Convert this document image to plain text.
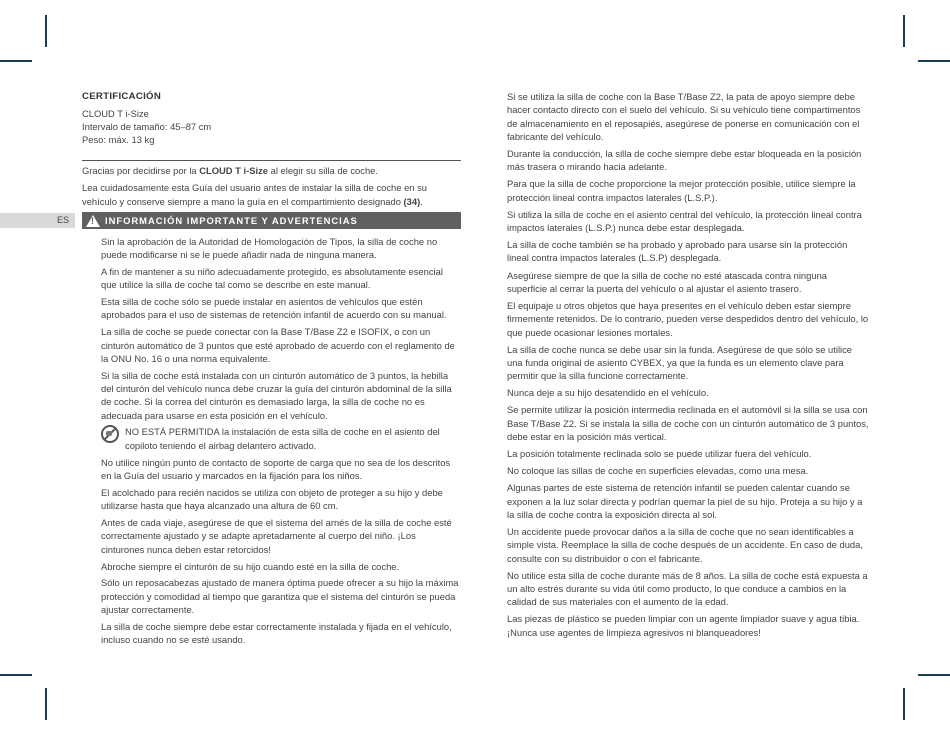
CERTIFICACIÓN
CLOUD T i-Size
Intervalo de tamaño: 45–87 cm
Peso: máx. 13 kg

Gracias por decidirse por la CLOUD T i-Size al elegir su silla de coche.

Lea cuidadosamente esta Guía del usuario antes de instalar la silla de coche en su vehículo y conserve siempre a mano la guía en el compartimiento designado (34).

ES
!	INFORMACIÓN IMPORTANTE Y ADVERTENCIAS

Sin la aprobación de la Autoridad de Homologación de Tipos, la silla de coche no puede modificarse ni se le puede añadir nada de ninguna manera.

A fin de mantener a su niño adecuadamente protegido, es absolutamente esencial que utilice la silla de coche tal como se describe en este manual.

Esta silla de coche sólo se puede instalar en asientos de vehículos que estén aprobados para el uso de sistemas de retención infantil de acuerdo con su manual.

La silla de coche se puede conectar con la Base T/Base Z2 e ISOFIX, o con un cinturón automático de 3 puntos que esté aprobado de acuerdo con el reglamento de la ONU No. 16 o una norma equivalente.

Si la silla de coche está instalada con un cinturón automático de 3 puntos, la hebilla del cinturón del vehículo nunca debe cruzar la guía del cinturón abdominal de la silla de coche. Si la correa del cinturón es demasiado larga, la silla de coche no es adecuada para usarse en esta posición en el vehículo.

NO ESTÁ PERMITIDA la instalación de esta silla de coche en el asiento del copiloto teniendo el airbag delantero activado.

No utilice ningún punto de contacto de soporte de carga que no sea de los descritos en la Guía del usuario y marcados en la fijación para los niños.

El acolchado para recién nacidos se utiliza con objeto de proteger a su hijo y debe utilizarse hasta que haya alcanzado una altura de 60 cm.

Antes de cada viaje, asegúrese de que el sistema del arnés de la silla de coche esté correctamente ajustado y se adapte apretadamente al cuerpo del niño. ¡Los cinturones nunca deben estar retorcidos!

Abroche siempre el cinturón de su hijo cuando esté en la silla de coche.

Sólo un reposacabezas ajustado de manera óptima puede ofrecer a su hijo la máxima protección y comodidad al tiempo que garantiza que el sistema del cinturón se pueda ajustar correctamente.

La silla de coche siempre debe estar correctamente instalada y fijada en el vehículo, incluso cuando no se esté usando.

Si se utiliza la silla de coche con la Base T/Base Z2, la pata de apoyo siempre debe hacer contacto directo con el suelo del vehículo. Si su vehículo tiene compartimentos de almacenamiento en el reposapiés, asegúrese de ponerse en comunicación con el fabricante del vehículo.

Durante la conducción, la silla de coche siempre debe estar bloqueada en la posición más trasera o mirando hacia adelante.

Para que la silla de coche proporcione la mejor protección posible, utilice siempre la protección lineal contra impactos laterales (L.S.P.).

Si utiliza la silla de coche en el asiento central del vehículo, la protección lineal contra impactos laterales (L.S.P.) nunca debe estar desplegada.

La silla de coche también se ha probado y aprobado para usarse sin la protección lineal contra impactos laterales (L.S.P) desplegada.

Asegúrese siempre de que la silla de coche no esté atascada contra ninguna superficie al cerrar la puerta del vehículo o al ajustar el asiento trasero.

El equipaje u otros objetos que haya presentes en el vehículo deben estar siempre firmemente retenidos. De lo contrario, pueden verse despedidos dentro del vehículo, lo que puede ocasionar lesiones mortales.

La silla de coche nunca se debe usar sin la funda. Asegúrese de que sólo se utilice una funda original de asiento CYBEX, ya que la funda es un elemento clave para permitir que la silla funcione correctamente.

Nunca deje a su hijo desatendido en el vehículo.

Se permite utilizar la posición intermedia reclinada en el automóvil si la silla se usa con Base T/Base Z2. Si se instala la silla de coche con un cinturón automático de 3 puntos, debe estar en la posición más vertical.

La posición totalmente reclinada solo se puede utilizar fuera del vehículo.

No coloque las sillas de coche en superficies elevadas, como una mesa.

Algunas partes de este sistema de retención infantil se pueden calentar cuando se exponen a la luz solar directa y podrían quemar la piel de su hijo. Proteja a su hijo y a la silla de coche contra la exposición directa al sol.

Un accidente puede provocar daños a la silla de coche que no sean identificables a simple vista. Reemplace la silla de coche después de un accidente. En caso de duda, consulte con su distribuidor o con el fabricante.

No utilice esta silla de coche durante más de 8 años. La silla de coche está expuesta a un alto estrés durante su vida útil como producto, lo que conduce a cambios en la calidad de sus materiales con el aumento de la edad.

Las piezas de plástico se pueden limpiar con un agente limpiador suave y agua tibia. ¡Nunca use agentes de limpieza agresivos ni blanqueadores!
